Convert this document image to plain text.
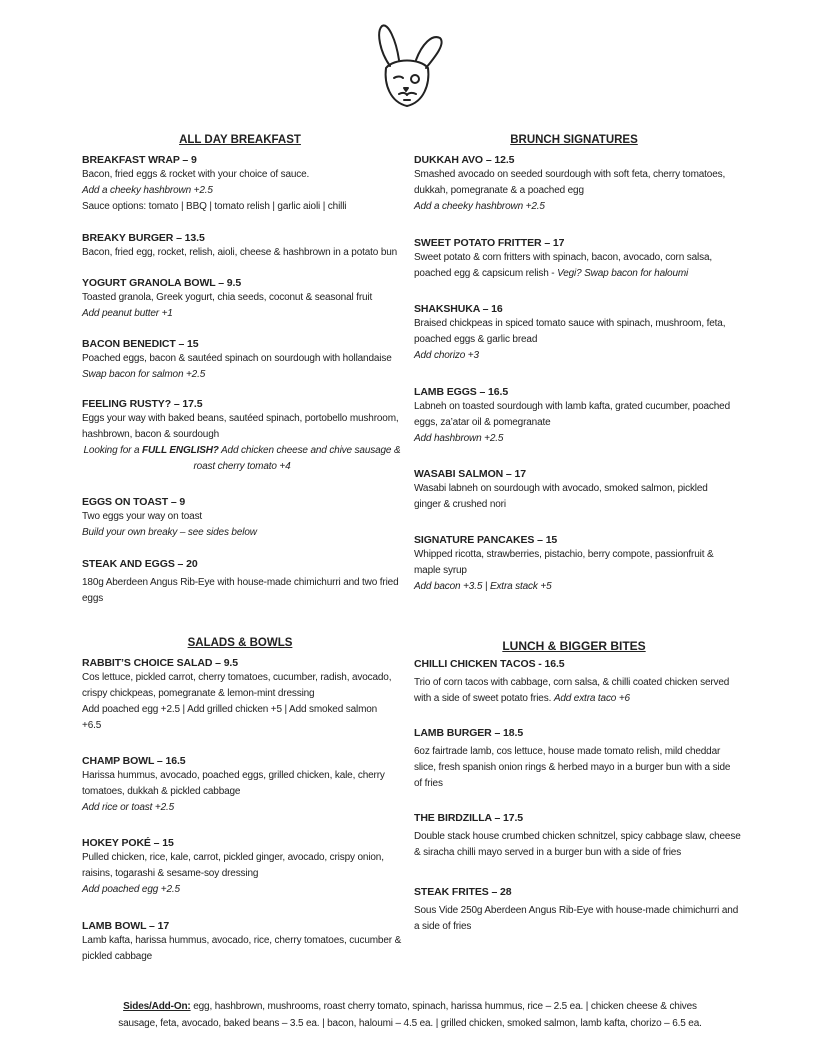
ALL DAY BREAKFAST
BREAKFAST WRAP – 9
Bacon, fried eggs & rocket with your choice of sauce.
Add a cheeky hashbrown +2.5
Sauce options: tomato | BBQ | tomato relish | garlic aioli | chilli
BREAKY BURGER – 13.5
Bacon, fried egg, rocket, relish, aioli, cheese & hashbrown in a potato bun
YOGURT GRANOLA BOWL – 9.5
Toasted granola, Greek yogurt, chia seeds, coconut & seasonal fruit
Add peanut butter +1
BACON BENEDICT – 15
Poached eggs, bacon & sautéed spinach on sourdough with hollandaise
Swap bacon for salmon +2.5
FEELING RUSTY? – 17.5
Eggs your way with baked beans, sautéed spinach, portobello mushroom,
hashbrown, bacon & sourdough
Looking for a FULL ENGLISH? Add chicken cheese and chive sausage &
roast cherry tomato +4
EGGS ON TOAST – 9
Two eggs your way on toast
Build your own breaky – see sides below
STEAK AND EGGS – 20
180g Aberdeen Angus Rib-Eye with house-made chimichurri and two fried
eggs
BRUNCH SIGNATURES
DUKKAH AVO – 12.5
Smashed avocado on seeded sourdough with soft feta, cherry tomatoes,
dukkah, pomegranate & a poached egg
Add a cheeky hashbrown +2.5
SWEET POTATO FRITTER – 17
Sweet potato & corn fritters with spinach, bacon, avocado, corn salsa,
poached egg & capsicum relish - Vegi? Swap bacon for haloumi
SHAKSHUKA – 16
Braised chickpeas in spiced tomato sauce with spinach, mushroom, feta,
poached eggs & garlic bread
Add chorizo +3
LAMB EGGS – 16.5
Labneh on toasted sourdough with lamb kafta, grated cucumber, poached
eggs, za’atar oil & pomegranate
Add hashbrown +2.5
WASABI SALMON – 17
Wasabi labneh on sourdough with avocado, smoked salmon, pickled
ginger & crushed nori
SIGNATURE PANCAKES – 15
Whipped ricotta, strawberries, pistachio, berry compote, passionfruit &
maple syrup
Add bacon +3.5 | Extra stack +5
SALADS & BOWLS
RABBIT’S CHOICE SALAD – 9.5
Cos lettuce, pickled carrot, cherry tomatoes, cucumber, radish, avocado,
crispy chickpeas, pomegranate & lemon-mint dressing
Add poached egg +2.5 | Add grilled chicken +5 | Add smoked salmon
+6.5
CHAMP BOWL – 16.5
Harissa hummus, avocado, poached eggs, grilled chicken, kale, cherry
tomatoes, dukkah & pickled cabbage
Add rice or toast +2.5
HOKEY POKÉ – 15
Pulled chicken, rice, kale, carrot, pickled ginger, avocado, crispy onion,
raisins, togarashi & sesame-soy dressing
Add poached egg +2.5
LAMB BOWL – 17
Lamb kafta, harissa hummus, avocado, rice, cherry tomatoes, cucumber &
pickled cabbage
LUNCH & BIGGER BITES
CHILLI CHICKEN TACOS - 16.5
Trio of corn tacos with cabbage, corn salsa, & chilli coated chicken served
with a side of sweet potato fries. Add extra taco +6
LAMB BURGER – 18.5
6oz fairtrade lamb, cos lettuce, house made tomato relish, mild cheddar
slice, fresh spanish onion rings & herbed mayo in a burger bun with a side
of fries
THE BIRDZILLA – 17.5
Double stack house crumbed chicken schnitzel, spicy cabbage slaw, cheese
& siracha chilli mayo served in a burger bun with a side of fries
STEAK FRITES – 28
Sous Vide 250g Aberdeen Angus Rib-Eye with house-made chimichurri and
a side of fries
Sides/Add-On: egg, hashbrown, mushrooms, roast cherry tomato, spinach, harissa hummus, rice – 2.5 ea. | chicken cheese & chives
sausage, feta, avocado, baked beans – 3.5 ea. | bacon, haloumi – 4.5 ea. | grilled chicken, smoked salmon, lamb kafta, chorizo – 6.5 ea.
